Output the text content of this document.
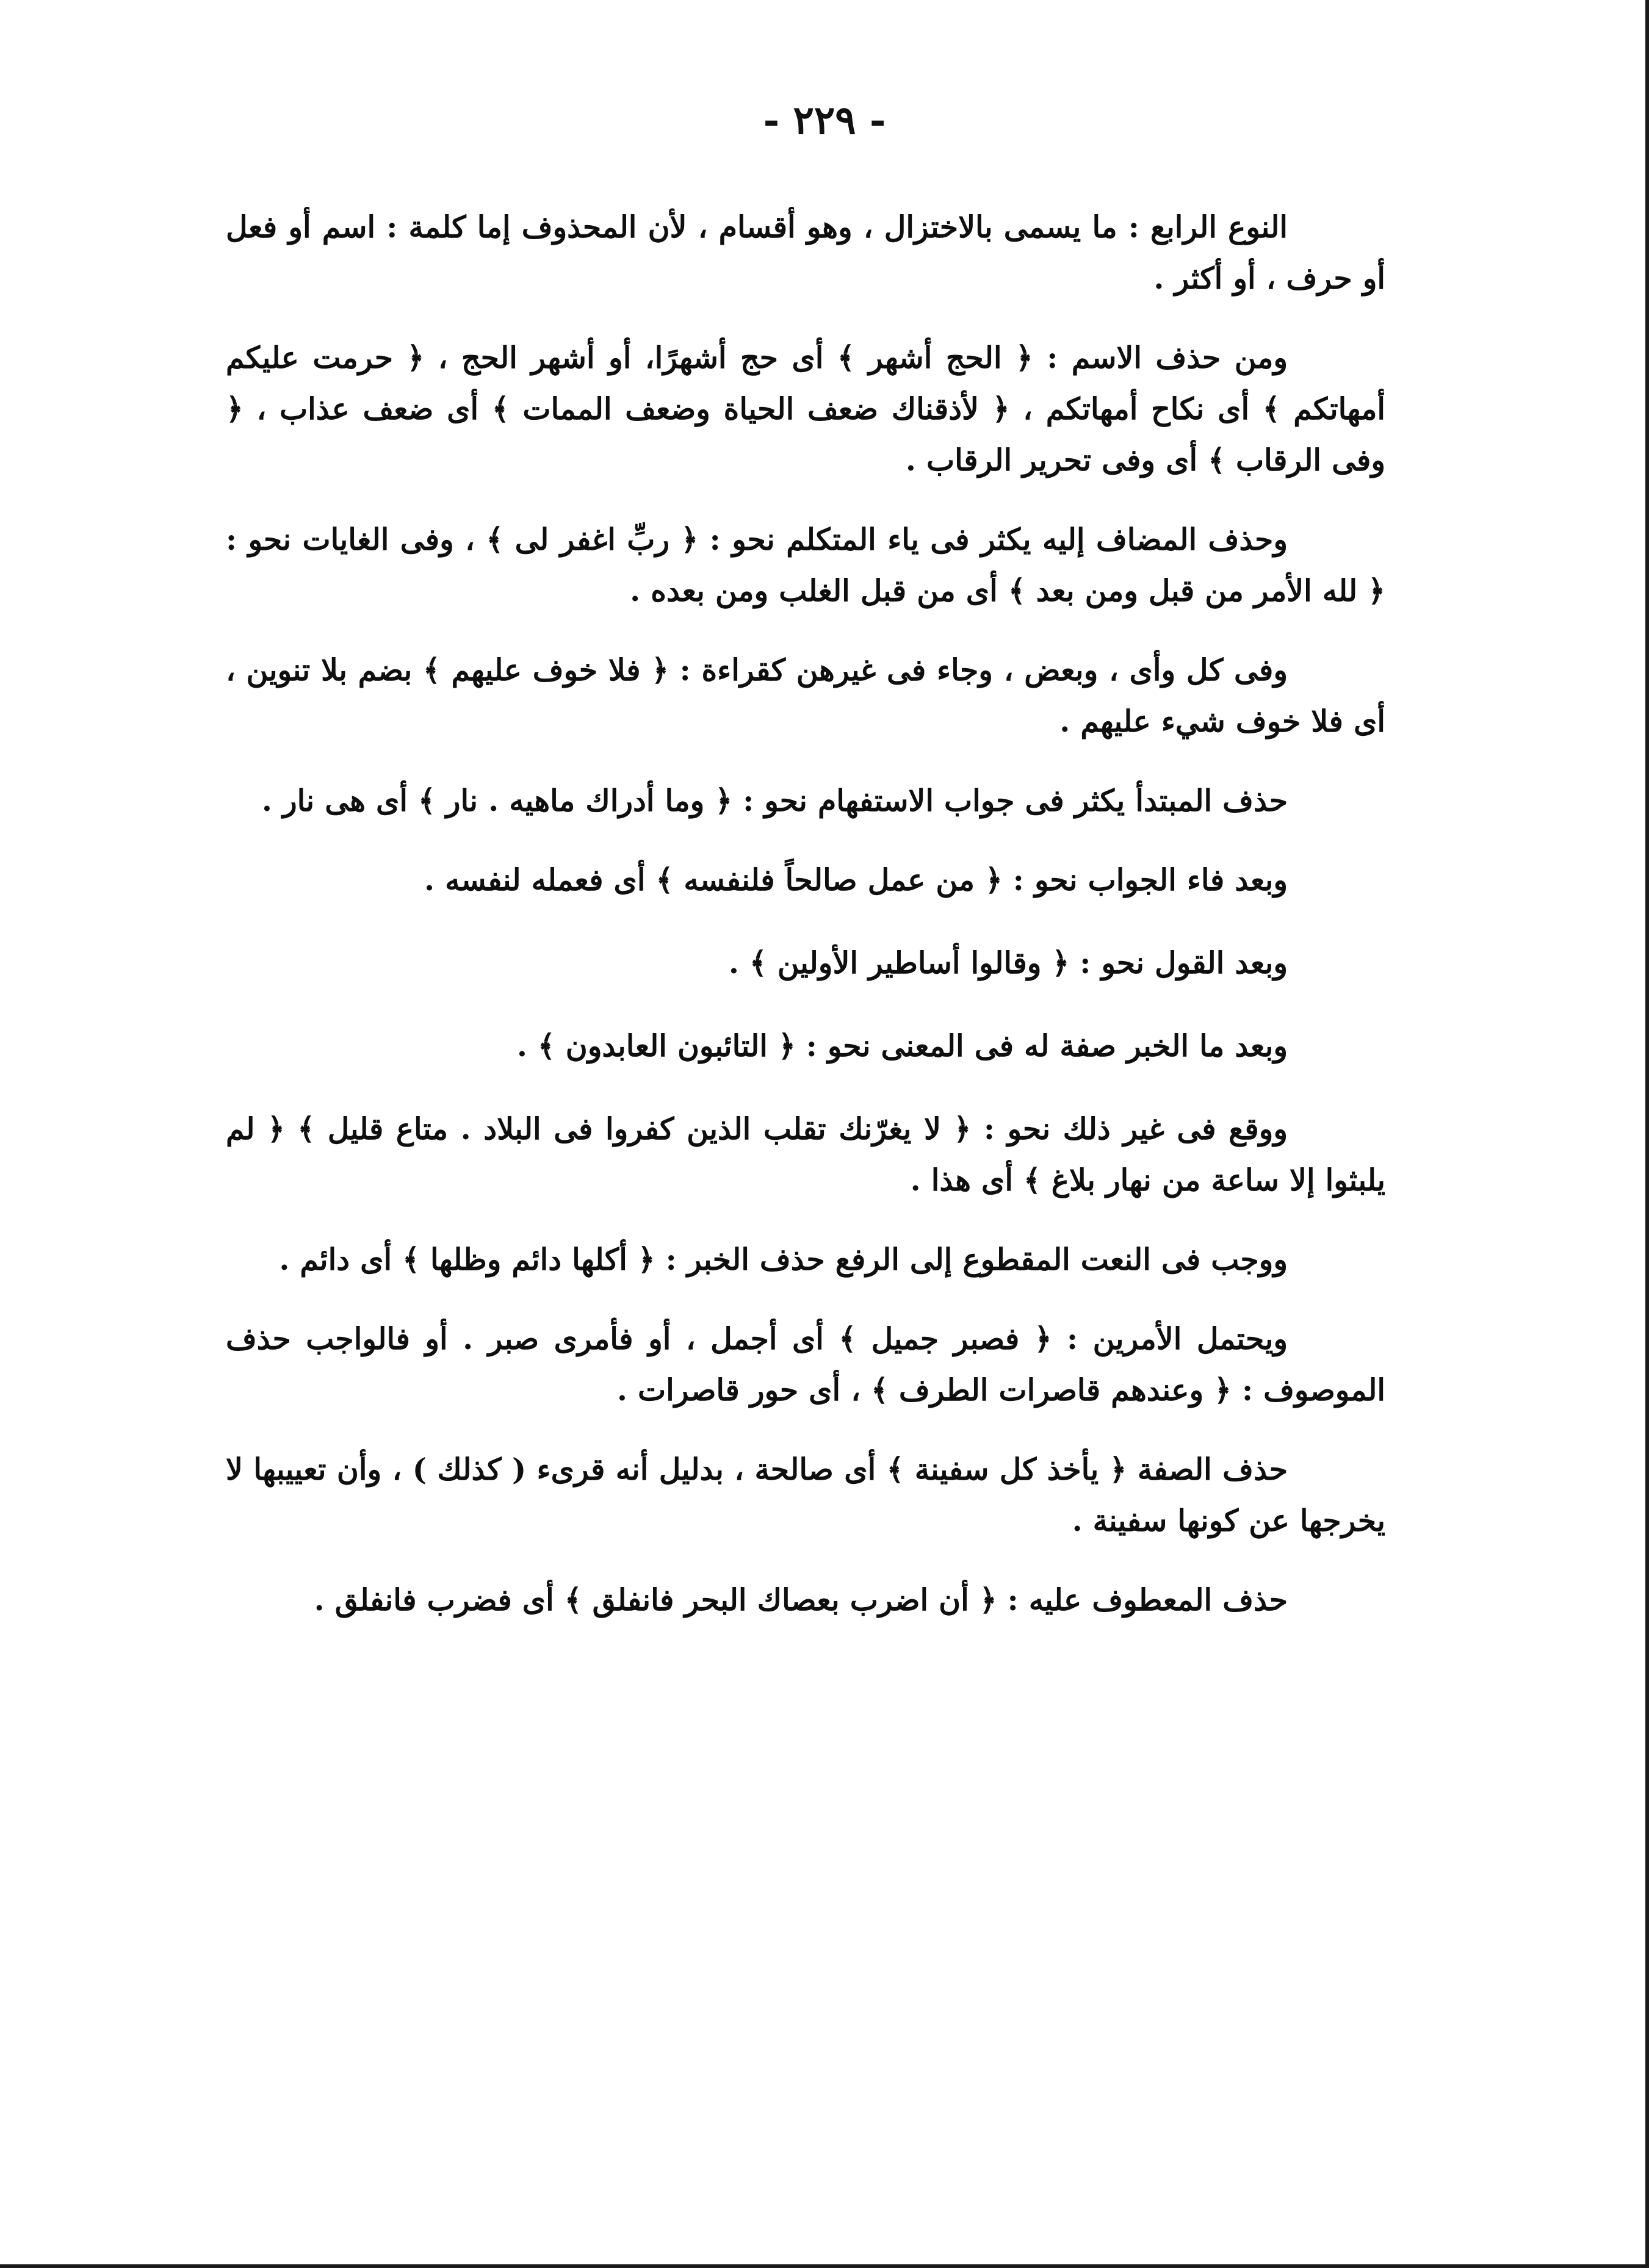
- ٢٢٩ -

النوع الرابع : ما يسمى بالاختزال ، وهو أقسام ، لأن المحذوف إما كلمة : اسم أو فعل أو حرف ، أو أكثر .

ومن حذف الاسم : ﴿ الحج أشهر ﴾ أى حج أشهرًا، أو أشهر الحج ، ﴿ حرمت عليكم أمهاتكم ﴾ أى نكاح أمهاتكم ، ﴿ لأذقناك ضعف الحياة وضعف الممات ﴾ أى ضعف عذاب ، ﴿ وفى الرقاب ﴾ أى وفى تحرير الرقاب .

وحذف المضاف إليه يكثر فى ياء المتكلم نحو : ﴿ ربِّ اغفر لى ﴾ ، وفى الغايات نحو : ﴿ لله الأمر من قبل ومن بعد ﴾ أى من قبل الغلب ومن بعده .

وفى كل وأى ، وبعض ، وجاء فى غيرهن كقراءة : ﴿ فلا خوف عليهم ﴾ بضم بلا تنوين ، أى فلا خوف شيء عليهم .

حذف المبتدأ يكثر فى جواب الاستفهام نحو : ﴿ وما أدراك ماهيه . نار ﴾ أى هى نار .

وبعد فاء الجواب نحو : ﴿ من عمل صالحاً فلنفسه ﴾ أى فعمله لنفسه .

وبعد القول نحو : ﴿ وقالوا أساطير الأولين ﴾ .

وبعد ما الخبر صفة له فى المعنى نحو : ﴿ التائبون العابدون ﴾ .

ووقع فى غير ذلك نحو : ﴿ لا يغرّنك تقلب الذين كفروا فى البلاد . متاع قليل ﴾ ﴿ لم يلبثوا إلا ساعة من نهار بلاغ ﴾ أى هذا .

ووجب فى النعت المقطوع إلى الرفع حذف الخبر : ﴿ أكلها دائم وظلها ﴾ أى دائم .

ويحتمل الأمرين : ﴿ فصبر جميل ﴾ أى أجمل ، أو فأمرى صبر . أو فالواجب حذف الموصوف : ﴿ وعندهم قاصرات الطرف ﴾ ، أى حور قاصرات .

حذف الصفة ﴿ يأخذ كل سفينة ﴾ أى صالحة ، بدليل أنه قرىء ( كذلك ) ، وأن تعييبها لا يخرجها عن كونها سفينة .

حذف المعطوف عليه : ﴿ أن اضرب بعصاك البحر فانفلق ﴾ أى فضرب فانفلق .
